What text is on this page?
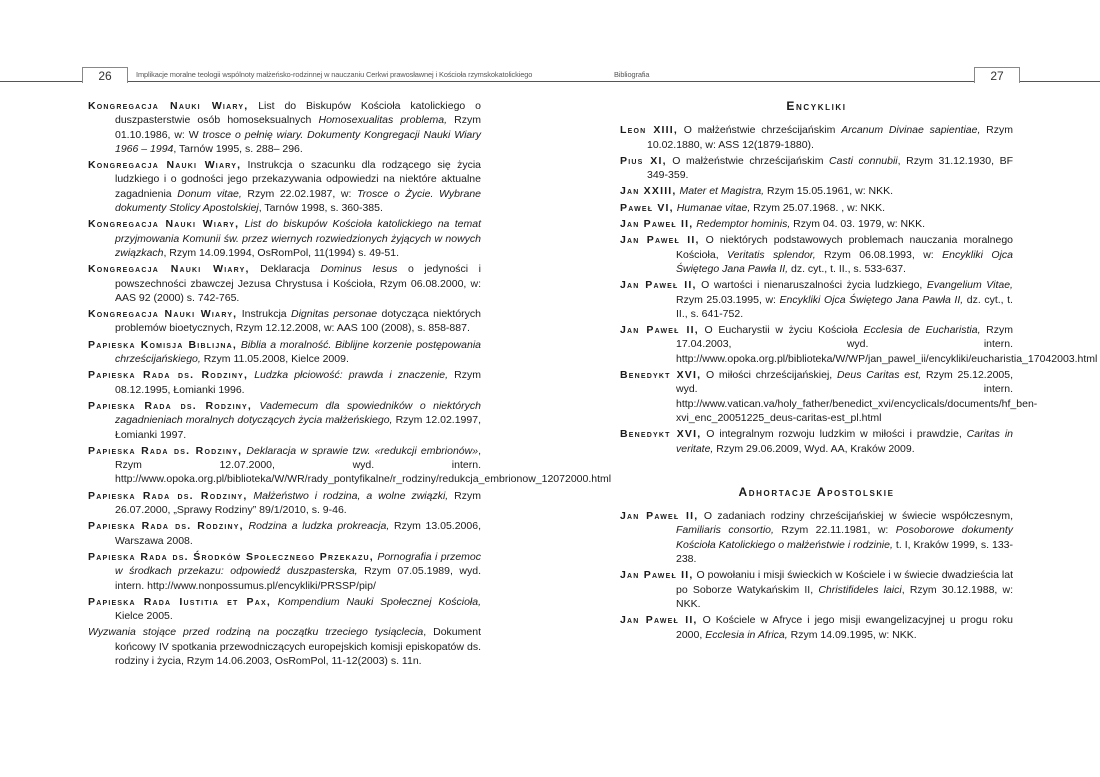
26	Implikacje moralne teologii wspólnoty małżeńsko-rodzinnej w nauczaniu Cerkwi prawosławnej i Kościoła rzymskokatolickiego	Bibliografia	27
Kongregacja Nauki Wiary, List do Biskupów Kościoła katolickiego o duszpasterstwie osób homoseksualnych Homosexualitas problema, Rzym 01.10.1986, w: W trosce o pełnię wiary. Dokumenty Kongregacji Nauki Wiary 1966 – 1994, Tarnów 1995, s. 288– 296.
Kongregacja Nauki Wiary, Instrukcja o szacunku dla rodzącego się życia ludzkiego i o godności jego przekazywania odpowiedzi na niektóre aktualne zagadnienia Donum vitae, Rzym 22.02.1987, w: Trosce o Życie. Wybrane dokumenty Stolicy Apostolskiej, Tarnów 1998, s. 360-385.
Kongregacja Nauki Wiary, List do biskupów Kościoła katolickiego na temat przyjmowania Komunii św. przez wiernych rozwiedzionych żyjących w nowych związkach, Rzym 14.09.1994, OsRomPol, 11(1994) s. 49-51.
Kongregacja Nauki Wiary, Deklaracja Dominus Iesus o jedyności i powszechności zbawczej Jezusa Chrystusa i Kościoła, Rzym 06.08.2000, w: AAS 92 (2000) s. 742-765.
Kongregacja Nauki Wiary, Instrukcja Dignitas personae dotycząca niektórych problemów bioetycznych, Rzym 12.12.2008, w: AAS 100 (2008), s. 858-887.
Papieska Komisja Biblijna, Biblia a moralność. Biblijne korzenie postępowania chrześcijańskiego, Rzym 11.05.2008, Kielce 2009.
Papieska Rada ds. Rodziny, Ludzka płciowość: prawda i znaczenie, Rzym 08.12.1995, Łomianki 1996.
Papieska Rada ds. Rodziny, Vademecum dla spowiedników o niektórych zagadnieniach moralnych dotyczących życia małżeńskiego, Rzym 12.02.1997, Łomianki 1997.
Papieska Rada ds. Rodziny, Deklaracja w sprawie tzw. «redukcji embrionów», Rzym 12.07.2000, wyd. intern. http://www.opoka.org.pl/biblioteka/W/WR/rady_pontyfikalne/r_rodziny/redukcja_embrionow_12072000.html
Papieska Rada ds. Rodziny, Małżeństwo i rodzina, a wolne związki, Rzym 26.07.2000, „Sprawy Rodziny” 89/1/2010, s. 9-46.
Papieska Rada ds. Rodziny, Rodzina a ludzka prokreacja, Rzym 13.05.2006, Warszawa 2008.
Papieska Rada ds. Środków Społecznego Przekazu, Pornografia i przemoc w środkach przekazu: odpowiedź duszpasterska, Rzym 07.05.1989, wyd. intern. http://www.nonpossumus.pl/encykliki/PRSSP/pip/
Papieska Rada Iustitia et Pax, Kompendium Nauki Społecznej Kościoła, Kielce 2005.
Wyzwania stojące przed rodziną na początku trzeciego tysiąclecia, Dokument końcowy IV spotkania przewodniczących europejskich komisji episkopatów ds. rodziny i życia, Rzym 14.06.2003, OsRomPol, 11-12(2003) s. 11n.
Encykliki
Leon XIII, O małżeństwie chrześcijańskim Arcanum Divinae sapientiae, Rzym 10.02.1880, w: ASS 12(1879-1880).
Pius XI, O małżeństwie chrześcijańskim Casti connubii, Rzym 31.12.1930, BF 349-359.
Jan XXIII, Mater et Magistra, Rzym 15.05.1961, w: NKK.
Paweł VI, Humanae vitae, Rzym 25.07.1968. , w: NKK.
Jan Paweł II, Redemptor hominis, Rzym 04. 03. 1979, w: NKK.
Jan Paweł II, O niektórych podstawowych problemach nauczania moralnego Kościoła, Veritatis splendor, Rzym 06.08.1993, w: Encykliki Ojca Świętego Jana Pawła II, dz. cyt., t. II., s. 533-637.
Jan Paweł II, O wartości i nienaruszalności życia ludzkiego, Evangelium Vitae, Rzym 25.03.1995, w: Encykliki Ojca Świętego Jana Pawła II, dz. cyt., t. II., s. 641-752.
Jan Paweł II, O Eucharystii w życiu Kościoła Ecclesia de Eucharistia, Rzym 17.04.2003, wyd. intern. http://www.opoka.org.pl/biblioteka/W/WP/jan_pawel_ii/encykliki/eucharistia_17042003.html
Benedykt XVI, O miłości chrześcijańskiej, Deus Caritas est, Rzym 25.12.2005, wyd. intern. http://www.vatican.va/holy_father/benedict_xvi/encyclicals/documents/hf_ben-xvi_enc_20051225_deus-caritas-est_pl.html
Benedykt XVI, O integralnym rozwoju ludzkim w miłości i prawdzie, Caritas in veritate, Rzym 29.06.2009, Wyd. AA, Kraków 2009.
Adhortacje Apostolskie
Jan Paweł II, O zadaniach rodziny chrześcijańskiej w świecie współczesnym, Familiaris consortio, Rzym 22.11.1981, w: Posoborowe dokumenty Kościoła Katolickiego o małżeństwie i rodzinie, t. I, Kraków 1999, s. 133-238.
Jan Paweł II, O powołaniu i misji świeckich w Kościele i w świecie dwadzieścia lat po Soborze Watykańskim II, Christifideles laici, Rzym 30.12.1988, w: NKK.
Jan Paweł II, O Kościele w Afryce i jego misji ewangelizacyjnej u progu roku 2000, Ecclesia in Africa, Rzym 14.09.1995, w: NKK.
